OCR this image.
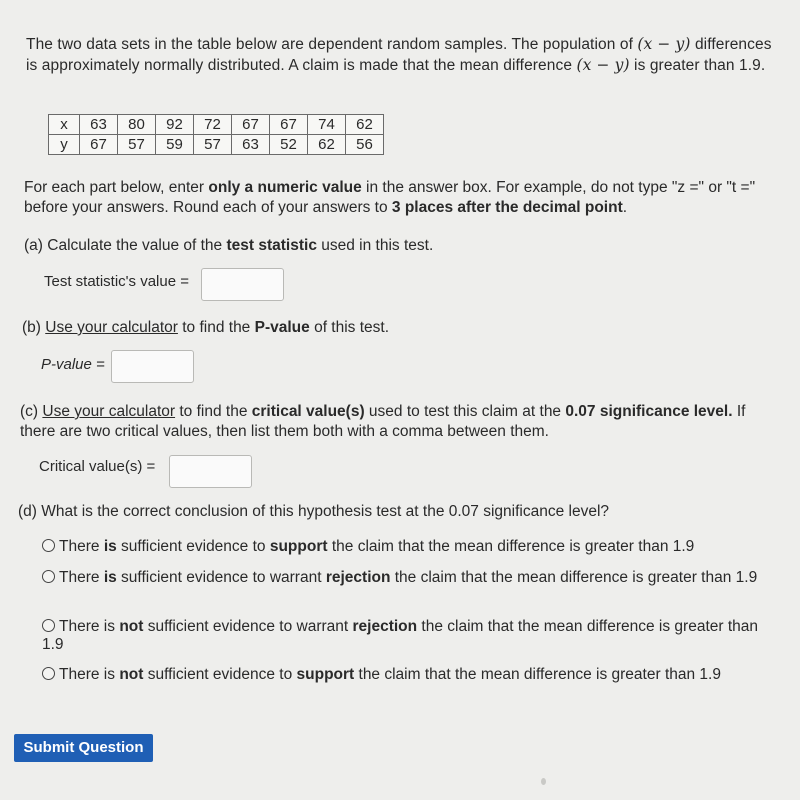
The two data sets in the table below are dependent random samples. The population of (x − y) differences is approximately normally distributed. A claim is made that the mean difference (x − y) is greater than 1.9.
x	63	80	92	72	67	67	74	62
y	67	57	59	57	63	52	62	56
For each part below, enter only a numeric value in the answer box. For example, do not type "z =" or "t =" before your answers. Round each of your answers to 3 places after the decimal point.
(a) Calculate the value of the test statistic used in this test.
Test statistic's value =
(b) Use your calculator to find the P-value of this test.
P-value =
(c) Use your calculator to find the critical value(s) used to test this claim at the 0.07 significance level. If there are two critical values, then list them both with a comma between them.
Critical value(s) =
(d) What is the correct conclusion of this hypothesis test at the 0.07 significance level?
There is sufficient evidence to support the claim that the mean difference is greater than 1.9
There is sufficient evidence to warrant rejection the claim that the mean difference is greater than 1.9
There is not sufficient evidence to warrant rejection the claim that the mean difference is greater than 1.9
There is not sufficient evidence to support the claim that the mean difference is greater than 1.9
Submit Question
